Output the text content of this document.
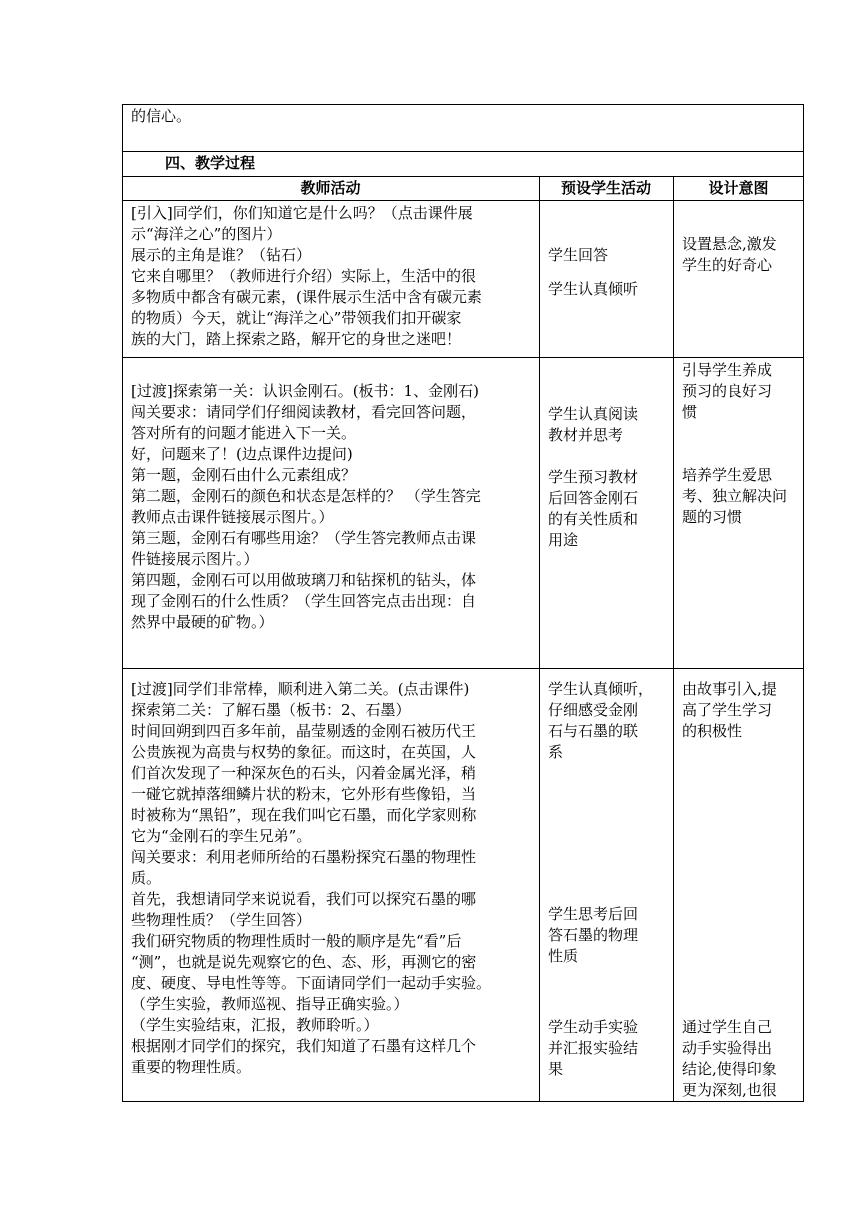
的信心。
四、教学过程
教师活动	预设学生活动	设计意图
[引入]同学们，你们知道它是什么吗？（点击课件展
示“海洋之心”的图片）
展示的主角是谁？（钻石）
它来自哪里？（教师进行介绍）实际上，生活中的很
多物质中都含有碳元素，(课件展示生活中含有碳元素
的物质）今天，就让“海洋之心”带领我们扣开碳家
族的大门，踏上探索之路，解开它的身世之迷吧！
学生回答
学生认真倾听
设置悬念,激发
学生的好奇心
[过渡]探索第一关：认识金刚石。(板书：1、金刚石)
闯关要求：请同学们仔细阅读教材，看完回答问题，
答对所有的问题才能进入下一关。
好，问题来了！(边点课件边提问)
第一题，金刚石由什么元素组成？
第二题，金刚石的颜色和状态是怎样的？ （学生答完
教师点击课件链接展示图片。）
第三题，金刚石有哪些用途？（学生答完教师点击课
件链接展示图片。）
第四题，金刚石可以用做玻璃刀和钻探机的钻头，体
现了金刚石的什么性质？（学生回答完点击出现：自
然界中最硬的矿物。）
学生认真阅读
教材并思考
学生预习教材
后回答金刚石
的有关性质和
用途
引导学生养成
预习的良好习
惯
培养学生爱思
考、独立解决问
题的习惯
[过渡]同学们非常棒，顺利进入第二关。(点击课件)
探索第二关：了解石墨（板书：2、石墨）
时间回朔到四百多年前，晶莹剔透的金刚石被历代王
公贵族视为高贵与权势的象征。而这时，在英国，人
们首次发现了一种深灰色的石头，闪着金属光泽，稍
一碰它就掉落细鳞片状的粉末，它外形有些像铅，当
时被称为“黑铅”，现在我们叫它石墨，而化学家则称
它为“金刚石的孪生兄弟”。
闯关要求：利用老师所给的石墨粉探究石墨的物理性
质。
首先，我想请同学来说说看，我们可以探究石墨的哪
些物理性质？（学生回答）
我们研究物质的物理性质时一般的顺序是先“看”后
“测”，也就是说先观察它的色、态、形，再测它的密
度、硬度、导电性等等。下面请同学们一起动手实验。
（学生实验，教师巡视、指导正确实验。）
（学生实验结束，汇报，教师聆听。）
根据刚才同学们的探究，我们知道了石墨有这样几个
重要的物理性质。
学生认真倾听，
仔细感受金刚
石与石墨的联
系
学生思考后回
答石墨的物理
性质
学生动手实验
并汇报实验结
果
由故事引入,提
高了学生学习
的积极性
通过学生自己
动手实验得出
结论,使得印象
更为深刻,也很
